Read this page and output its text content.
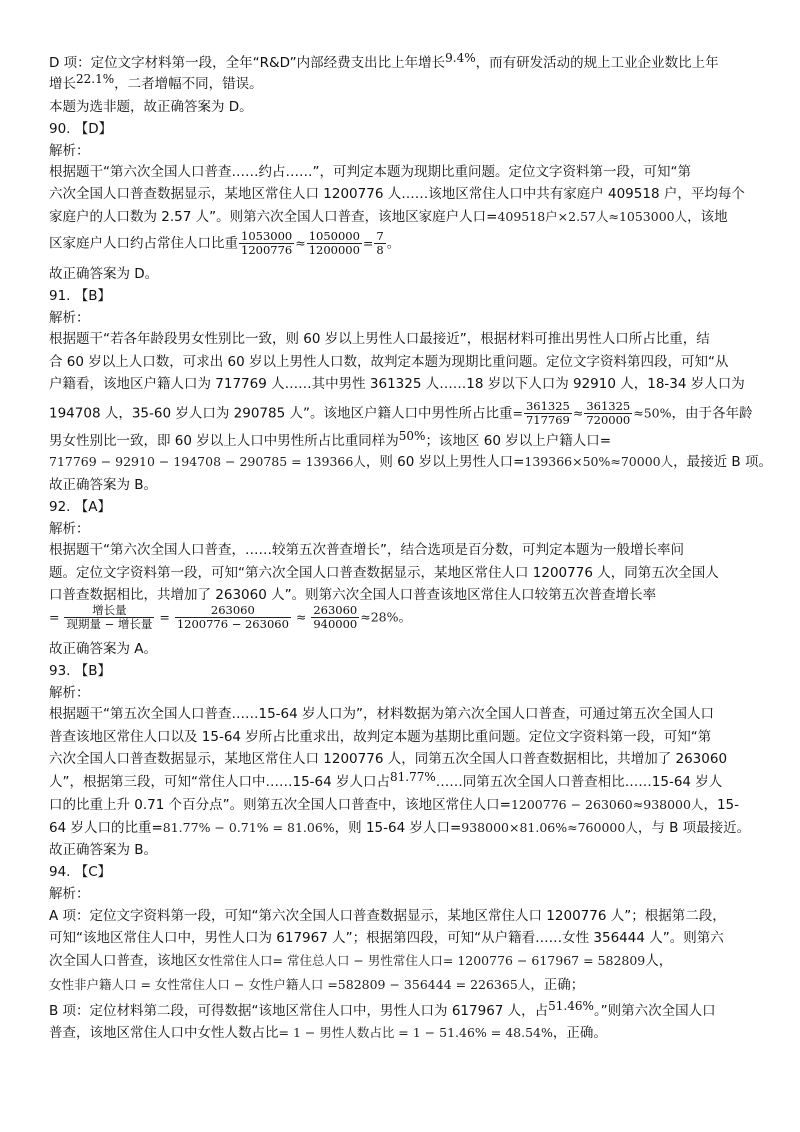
D 项：定位文字材料第一段，全年“R&D”内部经费支出比上年增长9.4%，而有研发活动的规上工业企业数比上年
增长22.1%，二者增幅不同，错误。
本题为选非题，故正确答案为 D。
90. 【D】
解析：
根据题干“第六次全国人口普查……约占……”，可判定本题为现期比重问题。定位文字资料第一段，可知“第
六次全国人口普查数据显示，某地区常住人口 1200776 人……该地区常住人口中共有家庭户 409518 户，平均每个
家庭户的人口数为 2.57 人”。则第六次全国人口普查，该地区家庭户人口=409518户×2.57人≈1053000人，该地
区家庭户人口约占常住人口比重 $\frac{1053000}{1200776} \approx \frac{1050000}{1200000} = \frac{7}{8}$ 。
故正确答案为 D。
91. 【B】
解析：
根据题干“若各年龄段男女性别比一致，则 60 岁以上男性人口最接近”，根据材料可推出男性人口所占比重，结
合 60 岁以上人口数，可求出 60 岁以上男性人口数，故判定本题为现期比重问题。定位文字资料第四段，可知“从
户籍看，该地区户籍人口为 717769 人……其中男性 361325 人……18 岁以下人口为 92910 人，18-34 岁人口为
194708 人，35-60 岁人口为 290785 人”。该地区户籍人口中男性所占比重= $\frac{361325}{717769} \approx \frac{361325}{720000} \approx 50\%$，由于各年龄
男女性别比一致，即 60 岁以上人口中男性所占比重同样为50%；该地区 60 岁以上户籍人口=
717769 − 92910 − 194708 − 290785 = 139366人，则 60 岁以上男性人口=139366×50%≈70000人，最接近 B 项。
故正确答案为 B。
92. 【A】
解析：
根据题干“第六次全国人口普查，……较第五次普查增长”，结合选项是百分数，可判定本题为一般增长率问
题。定位文字资料第一段，可知“第六次全国人口普查数据显示，某地区常住人口 1200776 人，同第五次全国人
口普查数据相比，共增加了 263060 人”。则第六次全国人口普查该地区常住人口较第五次普查增长率
= $\frac{\text{增长量}}{\text{现期量 − 增长量}} = \frac{263060}{1200776 - 263060} \approx \frac{263060}{940000} \approx 28\%$。
故正确答案为 A。
93. 【B】
解析：
根据题干“第五次全国人口普查……15-64 岁人口为”，材料数据为第六次全国人口普查，可通过第五次全国人口
普查该地区常住人口以及 15-64 岁所占比重求出，故判定本题为基期比重问题。定位文字资料第一段，可知“第
六次全国人口普查数据显示，某地区常住人口 1200776 人，同第五次全国人口普查数据相比，共增加了 263060
人”，根据第三段，可知“常住人口中……15-64 岁人口占81.77%……同第五次全国人口普查相比……15-64 岁人
口的比重上升 0.71 个百分点”。则第五次全国人口普查中，该地区常住人口=1200776 − 263060≈938000人，15-
64 岁人口的比重=81.77% − 0.71% = 81.06%，则 15-64 岁人口=938000×81.06%≈760000人，与 B 项最接近。
故正确答案为 B。
94. 【C】
解析：
A 项：定位文字资料第一段，可知“第六次全国人口普查数据显示，某地区常住人口 1200776 人”；根据第二段，
可知“该地区常住人口中，男性人口为 617967 人”；根据第四段，可知“从户籍看……女性 356444 人”。则第六
次全国人口普查，该地区女性常住人口= 常住总人口 − 男性常住人口= 1200776 − 617967 = 582809人，
女性非户籍人口 = 女性常住人口 − 女性户籍人口 =582809 − 356444 = 226365人，正确；
B 项：定位材料第二段，可得数据“该地区常住人口中，男性人口为 617967 人，占51.46%。”则第六次全国人口
普查，该地区常住人口中女性人数占比= 1 − 男性人数占比 = 1 − 51.46% = 48.54%，正确。
